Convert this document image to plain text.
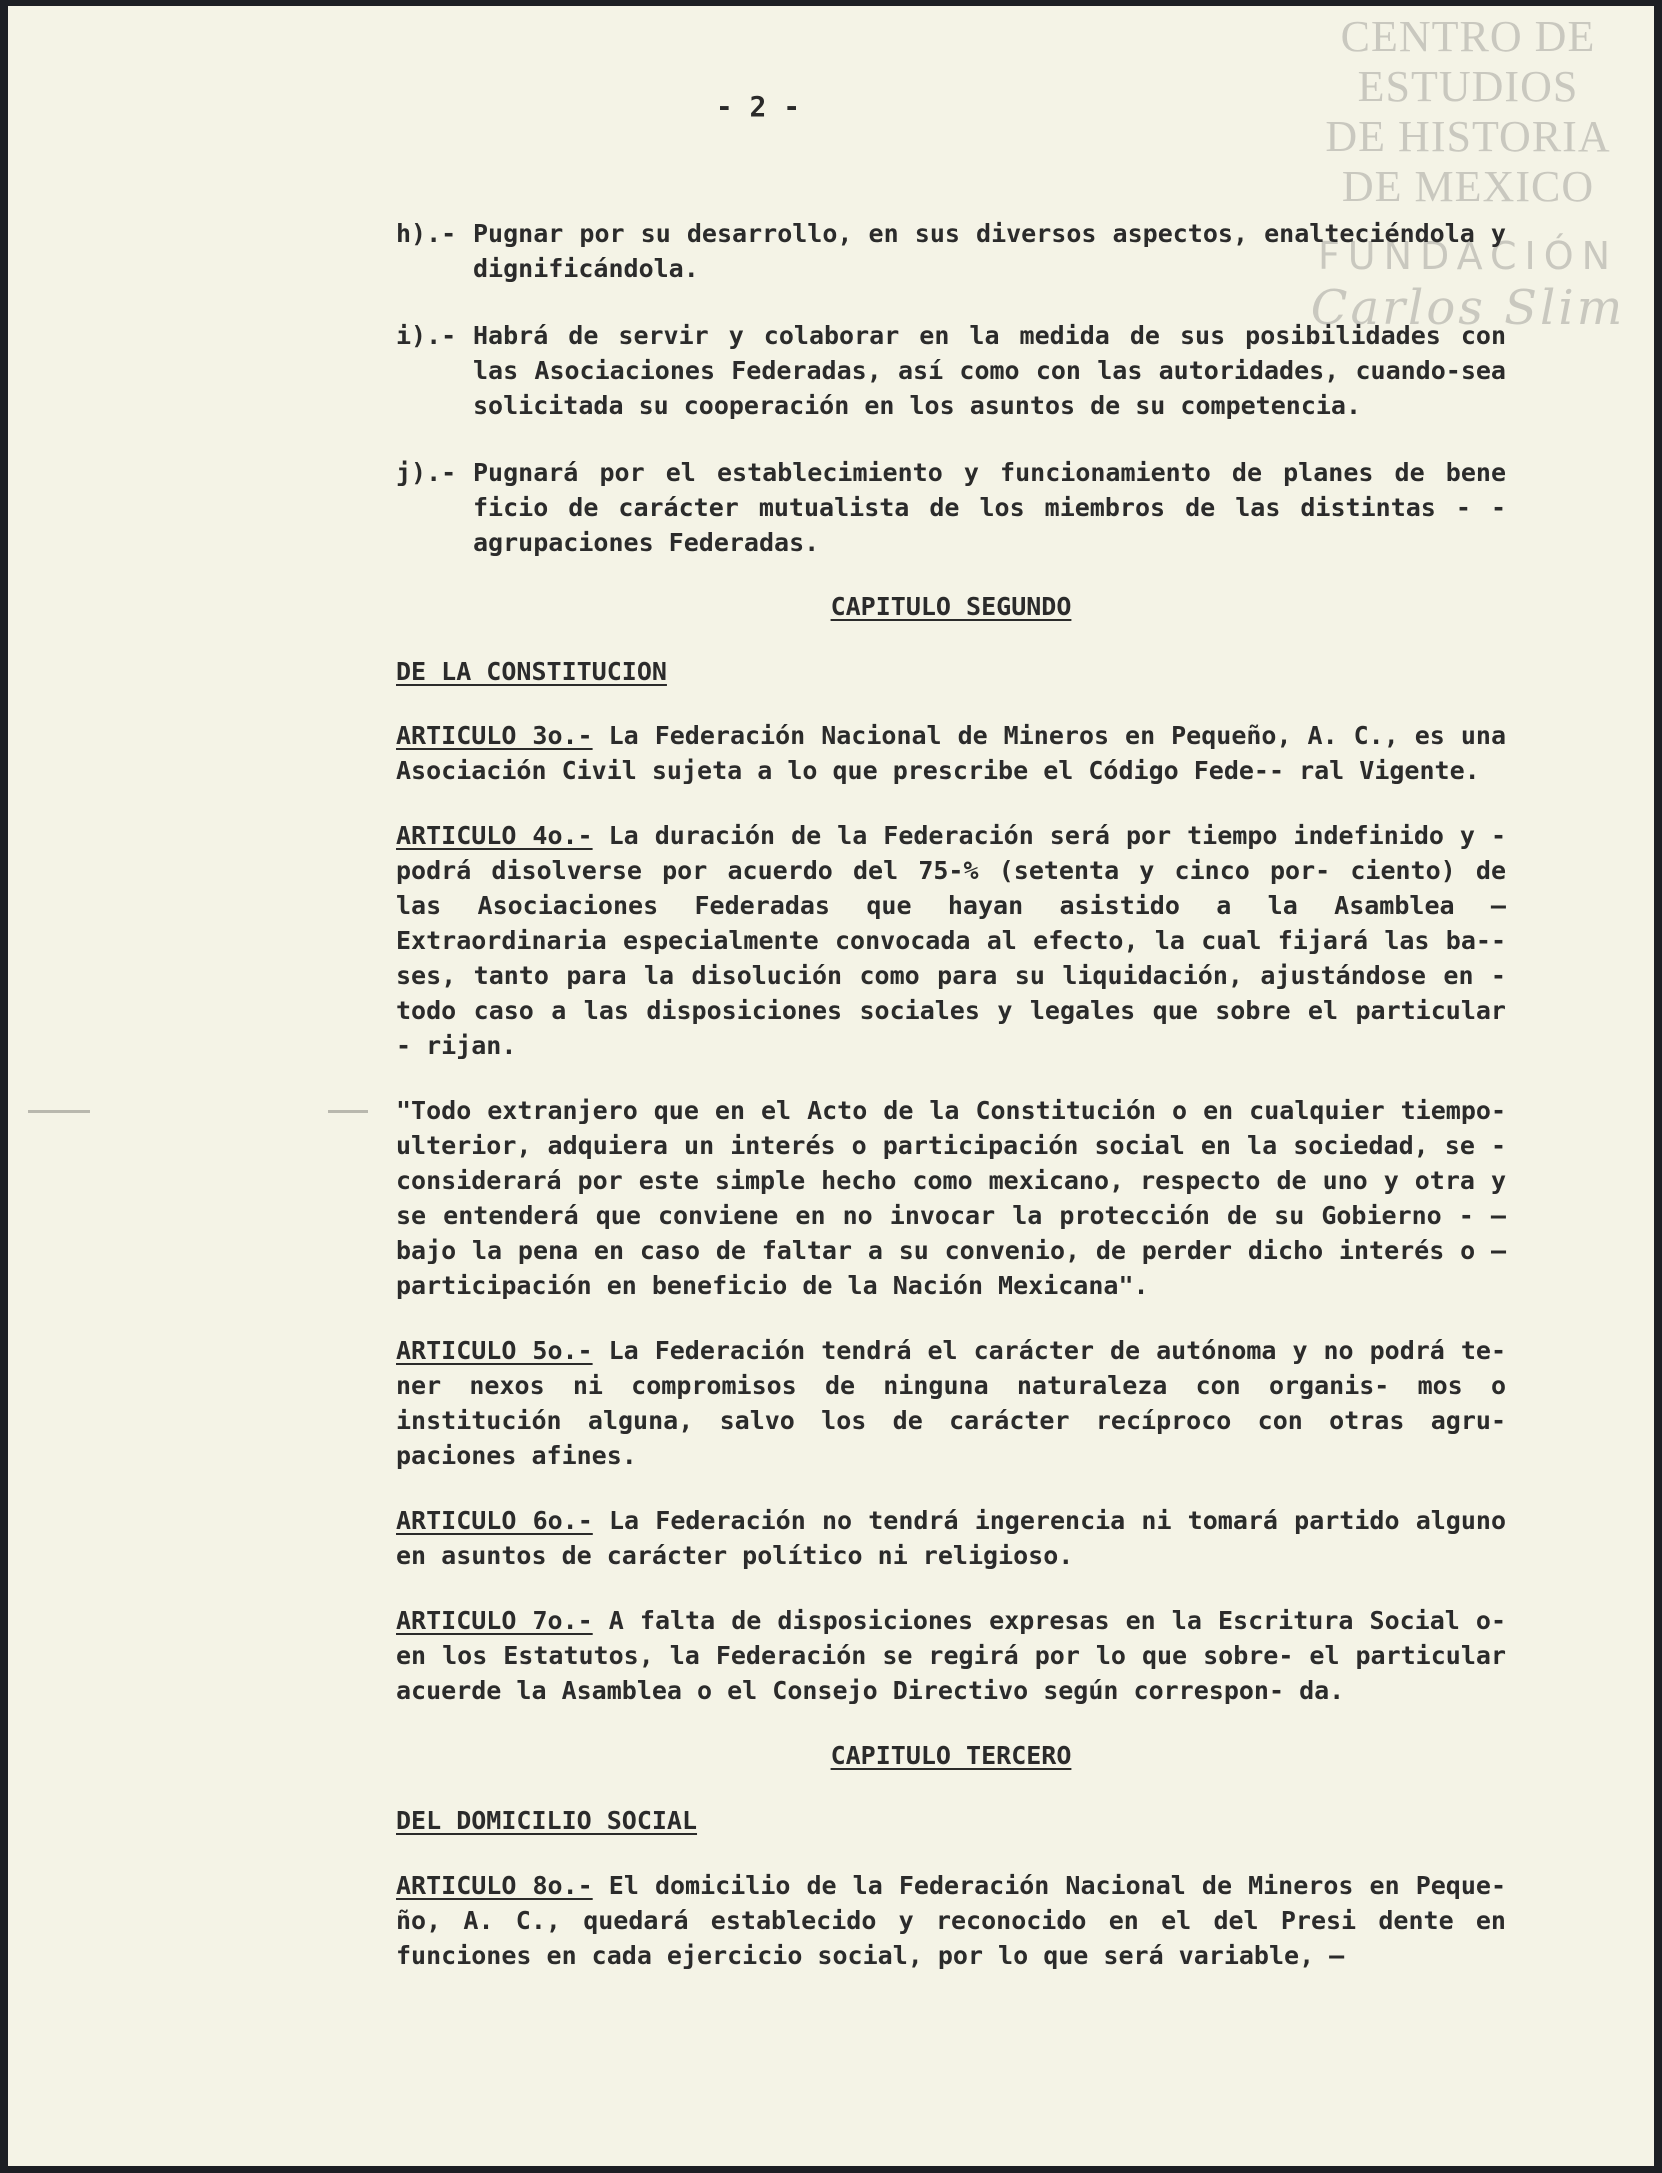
CENTRO DE
ESTUDIOS
DE HISTORIA
DE MEXICO
FUNDACIÓN
Carlos Slim
- 2 -
h).- Pugnar por su desarrollo, en sus diversos aspectos, enalteciéndola y dignificándola.
i).- Habrá de servir y colaborar en la medida de sus posibilidades con las Asociaciones Federadas, así como con las autoridades, cuando-sea solicitada su cooperación en los asuntos de su competencia.
j).- Pugnará por el establecimiento y funcionamiento de planes de bene ficio de carácter mutualista de los miembros de las distintas - - agrupaciones Federadas.
CAPITULO SEGUNDO
DE LA CONSTITUCION

ARTICULO 3o.- La Federación Nacional de Mineros en Pequeño, A. C., es una Asociación Civil sujeta a lo que prescribe el Código Fede-- ral Vigente.

ARTICULO 4o.- La duración de la Federación será por tiempo indefinido y - podrá disolverse por acuerdo del 75-% (setenta y cinco por- ciento) de las Asociaciones Federadas que hayan asistido a la Asamblea — Extraordinaria especialmente convocada al efecto, la cual fijará las ba-- ses, tanto para la disolución como para su liquidación, ajustándose en - todo caso a las disposiciones sociales y legales que sobre el particular - rijan.

"Todo extranjero que en el Acto de la Constitución o en cualquier tiempo- ulterior, adquiera un interés o participación social en la sociedad, se - considerará por este simple hecho como mexicano, respecto de uno y otra y se entenderá que conviene en no invocar la protección de su Gobierno - — bajo la pena en caso de faltar a su convenio, de perder dicho interés o — participación en beneficio de la Nación Mexicana".

ARTICULO 5o.- La Federación tendrá el carácter de autónoma y no podrá te- ner nexos ni compromisos de ninguna naturaleza con organis- mos o institución alguna, salvo los de carácter recíproco con otras agru- paciones afines.

ARTICULO 6o.- La Federación no tendrá ingerencia ni tomará partido alguno en asuntos de carácter político ni religioso.

ARTICULO 7o.- A falta de disposiciones expresas en la Escritura Social o- en los Estatutos, la Federación se regirá por lo que sobre- el particular acuerde la Asamblea o el Consejo Directivo según correspon- da.

CAPITULO TERCERO
DEL DOMICILIO SOCIAL

ARTICULO 8o.- El domicilio de la Federación Nacional de Mineros en Peque- ño, A. C., quedará establecido y reconocido en el del Presi dente en funciones en cada ejercicio social, por lo que será variable, —
